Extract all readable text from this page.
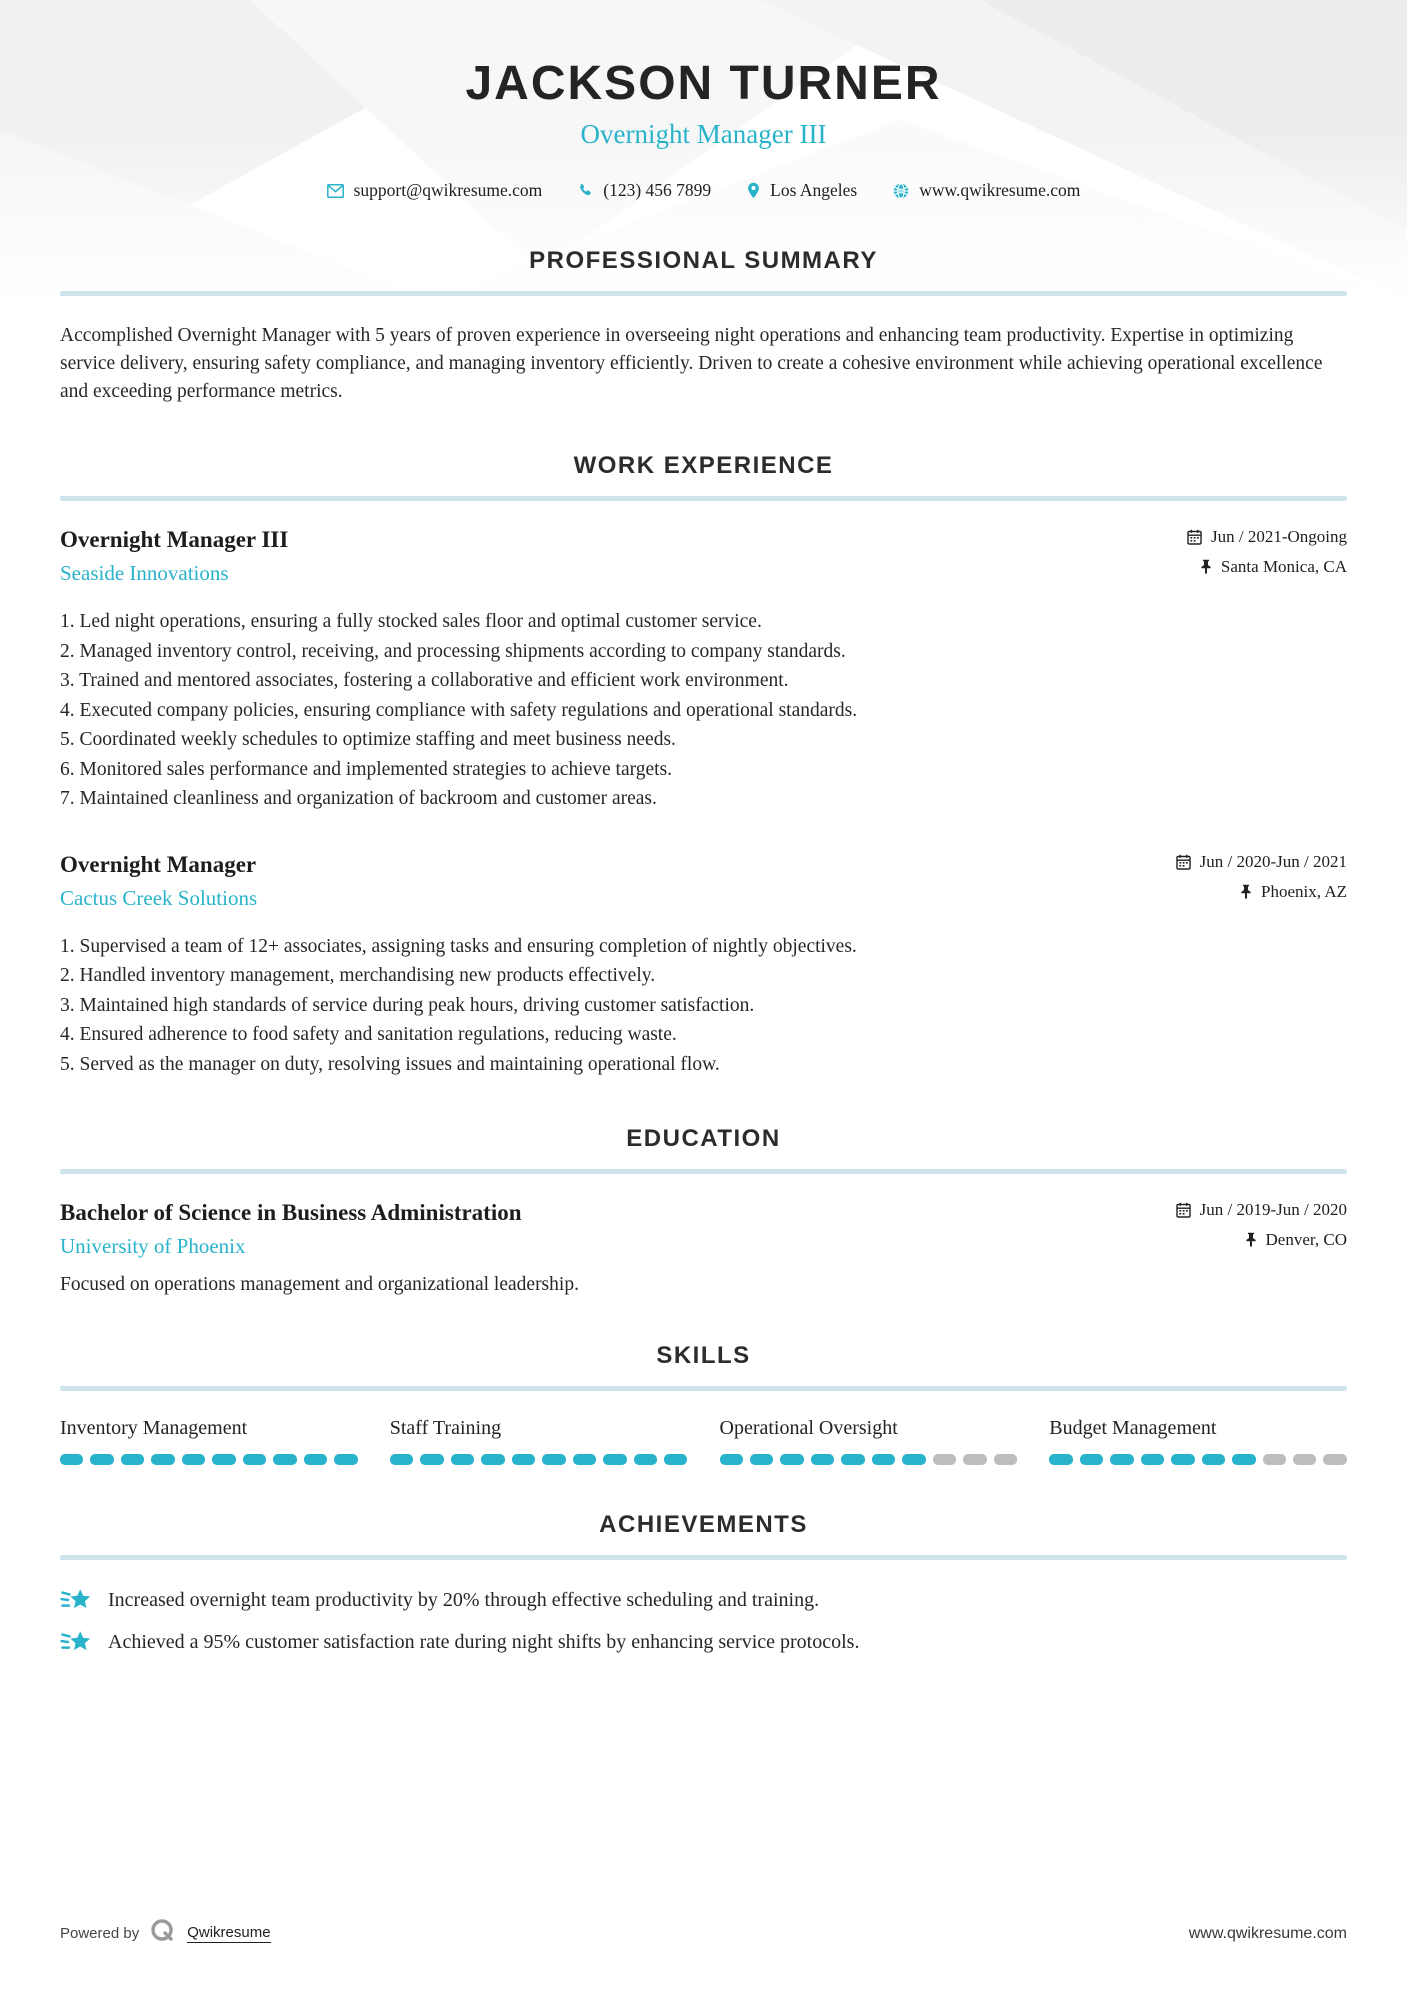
JACKSON TURNER
Overnight Manager III
support@qwikresume.com	(123) 456 7899	Los Angeles	www.qwikresume.com
PROFESSIONAL SUMMARY

Accomplished Overnight Manager with 5 years of proven experience in overseeing night operations and enhancing team productivity. Expertise in optimizing service delivery, ensuring safety compliance, and managing inventory efficiently. Driven to create a cohesive environment while achieving operational excellence and exceeding performance metrics.

WORK EXPERIENCE
Overnight Manager III
Seaside Innovations
Jun / 2021-Ongoing
Santa Monica, CA
Led night operations, ensuring a fully stocked sales floor and optimal customer service.
Managed inventory control, receiving, and processing shipments according to company standards.
Trained and mentored associates, fostering a collaborative and efficient work environment.
Executed company policies, ensuring compliance with safety regulations and operational standards.
Coordinated weekly schedules to optimize staffing and meet business needs.
Monitored sales performance and implemented strategies to achieve targets.
Maintained cleanliness and organization of backroom and customer areas.
Overnight Manager
Cactus Creek Solutions
Jun / 2020-Jun / 2021
Phoenix, AZ
Supervised a team of 12+ associates, assigning tasks and ensuring completion of nightly objectives.
Handled inventory management, merchandising new products effectively.
Maintained high standards of service during peak hours, driving customer satisfaction.
Ensured adherence to food safety and sanitation regulations, reducing waste.
Served as the manager on duty, resolving issues and maintaining operational flow.
EDUCATION
Bachelor of Science in Business Administration
University of Phoenix
Jun / 2019-Jun / 2020
Denver, CO
Focused on operations management and organizational leadership.
SKILLS
Inventory Management	Staff Training	Operational Oversight	Budget Management
ACHIEVEMENTS
Increased overnight team productivity by 20% through effective scheduling and training.
Achieved a 95% customer satisfaction rate during night shifts by enhancing service protocols.
Powered by	Qwikresume	www.qwikresume.com
